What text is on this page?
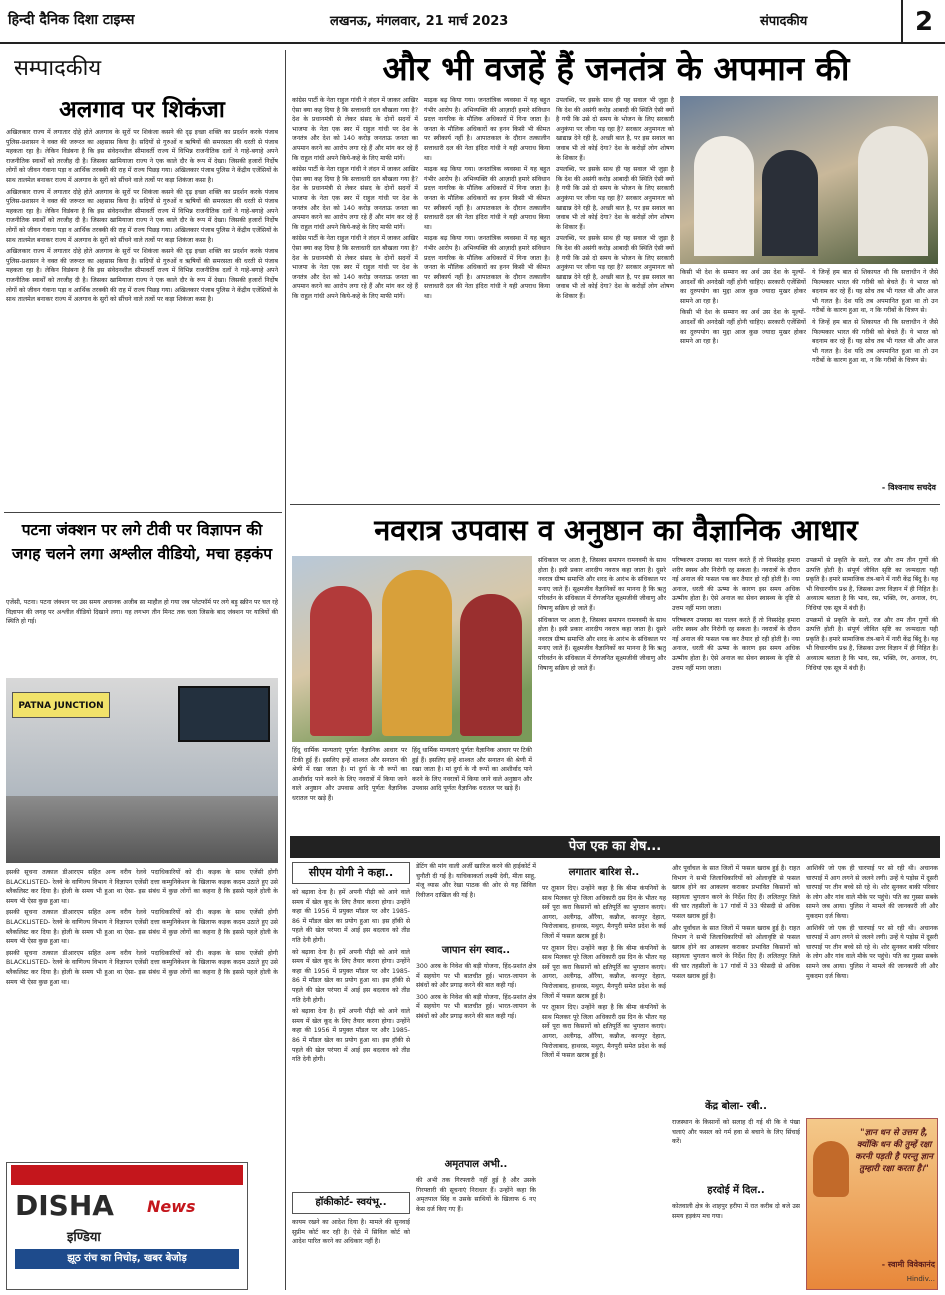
हिन्दी दैनिक दिशा टाइम्स	लखनऊ, मंगलवार, 21 मार्च 2023	संपादकीय	2
सम्पादकीय
अलगाव पर शिकंजा

अखिलकार राज्य में लगातार दोहे होते अलगाव के सुरों पर शिकंजा कसने की दृढ़ इच्छा शक्ति का प्रदर्शन करके पंजाब पुलिस-प्रशासन ने वक्त की जरूरत का अहसास किया है। सदियों से गुरुओं व ऋषियों की समरसता की धरती से पंजाब महकता रहा है। लेकिन विडंबना है कि इस संवेदनशील सीमावर्ती राज्य में विभिन्न राजनीतिक दलों ने गाहे-बगाहे अपने राजनीतिक स्वार्थों को तरजीह दी है। जिसका खामियाजा राज्य ने एक काले दौर के रूप में देखा। जिसकी हजारों निर्दोष लोगों को जीवन गंवाना पड़ा व आर्थिक तरक्की की राह में राज्य पिछड़ गया। अखिलकार पंजाब पुलिस ने केंद्रीय एजेंसियों के साथ तालमेल बनाकर राज्य में अलगाव के सुरों को सींचने वाले तत्वों पर कड़ा शिकंजा कसा है।

अखिलकार राज्य में लगातार दोहे होते अलगाव के सुरों पर शिकंजा कसने की दृढ़ इच्छा शक्ति का प्रदर्शन करके पंजाब पुलिस-प्रशासन ने वक्त की जरूरत का अहसास किया है। सदियों से गुरुओं व ऋषियों की समरसता की धरती से पंजाब महकता रहा है। लेकिन विडंबना है कि इस संवेदनशील सीमावर्ती राज्य में विभिन्न राजनीतिक दलों ने गाहे-बगाहे अपने राजनीतिक स्वार्थों को तरजीह दी है। जिसका खामियाजा राज्य ने एक काले दौर के रूप में देखा। जिसकी हजारों निर्दोष लोगों को जीवन गंवाना पड़ा व आर्थिक तरक्की की राह में राज्य पिछड़ गया। अखिलकार पंजाब पुलिस ने केंद्रीय एजेंसियों के साथ तालमेल बनाकर राज्य में अलगाव के सुरों को सींचने वाले तत्वों पर कड़ा शिकंजा कसा है।

अखिलकार राज्य में लगातार दोहे होते अलगाव के सुरों पर शिकंजा कसने की दृढ़ इच्छा शक्ति का प्रदर्शन करके पंजाब पुलिस-प्रशासन ने वक्त की जरूरत का अहसास किया है। सदियों से गुरुओं व ऋषियों की समरसता की धरती से पंजाब महकता रहा है। लेकिन विडंबना है कि इस संवेदनशील सीमावर्ती राज्य में विभिन्न राजनीतिक दलों ने गाहे-बगाहे अपने राजनीतिक स्वार्थों को तरजीह दी है। जिसका खामियाजा राज्य ने एक काले दौर के रूप में देखा। जिसकी हजारों निर्दोष लोगों को जीवन गंवाना पड़ा व आर्थिक तरक्की की राह में राज्य पिछड़ गया। अखिलकार पंजाब पुलिस ने केंद्रीय एजेंसियों के साथ तालमेल बनाकर राज्य में अलगाव के सुरों को सींचने वाले तत्वों पर कड़ा शिकंजा कसा है।

पटना जंक्शन पर लगे टीवी पर विज्ञापन की जगह चलने लगा अश्लील वीडियो, मचा हड़कंप
एजेंसी, पटना। पटना जंक्शन पर उस समय अचानक अजीब सा माहौल हो गया जब प्लेटफॉर्म पर लगे बड़ू स्क्रीन पर चल रहे विज्ञापन की जगह पर अश्लील वीडियो दिखाने लगा। यह लगभग तीन मिनट तक चला जिसके बाद जंक्शन पर यात्रियों की स्थिति हो गई।
PATNA JUNCTION

इसकी सूचना तत्काल डीआरएम सहित अन्य वरीय रेलवे पदाधिकारियों को दी। कड़क के साथ एजेंसी होगी BLACKLISTED- रेलवे के वाणिज्य विभाग ने विज्ञापन एजेंसी दत्ता कम्युनिकेशन के खिलाफ कड़क कदम उठाते हुए उसे ब्लैकलिस्ट कर दिया है। होली के समय भी हुआ था ऐसा- इस संबंध में कुछ लोगों का कहना है कि इससे पहले होली के समय भी ऐसा कुछ हुआ था।

इसकी सूचना तत्काल डीआरएम सहित अन्य वरीय रेलवे पदाधिकारियों को दी। कड़क के साथ एजेंसी होगी BLACKLISTED- रेलवे के वाणिज्य विभाग ने विज्ञापन एजेंसी दत्ता कम्युनिकेशन के खिलाफ कड़क कदम उठाते हुए उसे ब्लैकलिस्ट कर दिया है। होली के समय भी हुआ था ऐसा- इस संबंध में कुछ लोगों का कहना है कि इससे पहले होली के समय भी ऐसा कुछ हुआ था।

इसकी सूचना तत्काल डीआरएम सहित अन्य वरीय रेलवे पदाधिकारियों को दी। कड़क के साथ एजेंसी होगी BLACKLISTED- रेलवे के वाणिज्य विभाग ने विज्ञापन एजेंसी दत्ता कम्युनिकेशन के खिलाफ कड़क कदम उठाते हुए उसे ब्लैकलिस्ट कर दिया है। होली के समय भी हुआ था ऐसा- इस संबंध में कुछ लोगों का कहना है कि इससे पहले होली के समय भी ऐसा कुछ हुआ था।

DISHA News
इण्डिया
झूठ रांच का निचोड़, खबर बेजोड़
और भी वजहें हैं जनतंत्र के अपमान की

कांग्रेस पार्टी के नेता राहुल गांधी ने लंदन में जाकर आखिर ऐसा क्या कह दिया है कि सत्ताधारी दल बौखला गया है? देश के प्रधानमंत्री से लेकर संसद के दोनों सदनों में भाजपा के नेता एक स्वर में राहुल गांधी पर देश के जनतंत्र और देश को 140 करोड़ जनताऊ जनता का अपमान करने का आरोप लगा रहे हैं और मांग कर रहे हैं कि राहुल गांधी अपने किये-कहे के लिए माफी मांगें।

कांग्रेस पार्टी के नेता राहुल गांधी ने लंदन में जाकर आखिर ऐसा क्या कह दिया है कि सत्ताधारी दल बौखला गया है? देश के प्रधानमंत्री से लेकर संसद के दोनों सदनों में भाजपा के नेता एक स्वर में राहुल गांधी पर देश के जनतंत्र और देश को 140 करोड़ जनताऊ जनता का अपमान करने का आरोप लगा रहे हैं और मांग कर रहे हैं कि राहुल गांधी अपने किये-कहे के लिए माफी मांगें।

कांग्रेस पार्टी के नेता राहुल गांधी ने लंदन में जाकर आखिर ऐसा क्या कह दिया है कि सत्ताधारी दल बौखला गया है? देश के प्रधानमंत्री से लेकर संसद के दोनों सदनों में भाजपा के नेता एक स्वर में राहुल गांधी पर देश के जनतंत्र और देश को 140 करोड़ जनताऊ जनता का अपमान करने का आरोप लगा रहे हैं और मांग कर रहे हैं कि राहुल गांधी अपने किये-कहे के लिए माफी मांगें।

माढ़क बढ़ किया गया। जनतांत्रिक व्यवस्था में यह बहुत गंभीर आरोप है। अभिव्यक्ति की आज़ादी हमारे संविधान प्रदत्त नागरिक के मौलिक अधिकारों में गिना जाता है। जनता के मौलिक अधिकारों का हनन किसी भी कीमत पर स्वीकार्य नहीं है। आपातकाल के दौरान तत्कालीन सत्ताधारी दल की नेता इंदिरा गांधी ने यही अपराध किया था।

माढ़क बढ़ किया गया। जनतांत्रिक व्यवस्था में यह बहुत गंभीर आरोप है। अभिव्यक्ति की आज़ादी हमारे संविधान प्रदत्त नागरिक के मौलिक अधिकारों में गिना जाता है। जनता के मौलिक अधिकारों का हनन किसी भी कीमत पर स्वीकार्य नहीं है। आपातकाल के दौरान तत्कालीन सत्ताधारी दल की नेता इंदिरा गांधी ने यही अपराध किया था।

माढ़क बढ़ किया गया। जनतांत्रिक व्यवस्था में यह बहुत गंभीर आरोप है। अभिव्यक्ति की आज़ादी हमारे संविधान प्रदत्त नागरिक के मौलिक अधिकारों में गिना जाता है। जनता के मौलिक अधिकारों का हनन किसी भी कीमत पर स्वीकार्य नहीं है। आपातकाल के दौरान तत्कालीन सत्ताधारी दल की नेता इंदिरा गांधी ने यही अपराध किया था।

उपलब्धि, पर इसके साथ ही यह सवाल भी जुड़ा है कि देश की असंगी करोड़ आबादी की स्थिति ऐसी क्यों है गयी कि उसे दो समय के भोजन के लिए सरकारी अनुकंपा पर जीना पड़ रहा है? सरकार अनुमानतः को खाद्यान्न देने रही है, अच्छी बात है, पर इस सवाल का जवाब भी तो कोई देगा? देश के करोड़ों लोग शोषण के शिकार हैं।

उपलब्धि, पर इसके साथ ही यह सवाल भी जुड़ा है कि देश की असंगी करोड़ आबादी की स्थिति ऐसी क्यों है गयी कि उसे दो समय के भोजन के लिए सरकारी अनुकंपा पर जीना पड़ रहा है? सरकार अनुमानतः को खाद्यान्न देने रही है, अच्छी बात है, पर इस सवाल का जवाब भी तो कोई देगा? देश के करोड़ों लोग शोषण के शिकार हैं।

उपलब्धि, पर इसके साथ ही यह सवाल भी जुड़ा है कि देश की असंगी करोड़ आबादी की स्थिति ऐसी क्यों है गयी कि उसे दो समय के भोजन के लिए सरकारी अनुकंपा पर जीना पड़ रहा है? सरकार अनुमानतः को खाद्यान्न देने रही है, अच्छी बात है, पर इस सवाल का जवाब भी तो कोई देगा? देश के करोड़ों लोग शोषण के शिकार हैं।

किसी भी देश के सम्मान का अर्थ उस देश के मूल्यों-आदर्शों की अनदेखी नहीं होनी चाहिए। सरकारी एजेंसियों का दुरुपयोग का मुद्दा आज कुछ ज्यादा मुखर होकर सामने आ रहा है।

किसी भी देश के सम्मान का अर्थ उस देश के मूल्यों-आदर्शों की अनदेखी नहीं होनी चाहिए। सरकारी एजेंसियों का दुरुपयोग का मुद्दा आज कुछ ज्यादा मुखर होकर सामने आ रहा है।

ये जिन्हें हम बात से शिकायत थी कि सत्ताधीन ने जैसे फिल्मकार भारत की गरीबी को बेचते हैं। ये भारत को बदनाम कर रहे हैं। यह सोच तब भी गलत थी और आज भी गलत है। देश यदि तब अपमानित हुआ था तो उन गरीबों के कारण हुआ था, न कि गरीबों के चित्रण से।

ये जिन्हें हम बात से शिकायत थी कि सत्ताधीन ने जैसे फिल्मकार भारत की गरीबी को बेचते हैं। ये भारत को बदनाम कर रहे हैं। यह सोच तब भी गलत थी और आज भी गलत है। देश यदि तब अपमानित हुआ था तो उन गरीबों के कारण हुआ था, न कि गरीबों के चित्रण से।

- विश्वनाथ सचदेव
नवरात्र उपवास व अनुष्ठान का वैज्ञानिक आधार
हिंदू धार्मिक मान्यताएं पूर्णतः वैज्ञानिक आधार पर टिकी हुई हैं। इसलिए इन्हें शाश्वत और सनातन की श्रेणी में रखा जाता है। मां दुर्गा के नौ रूपों का आशीर्वाद पाने करने के लिए नवरात्रों में किया जाने वाले अनुष्ठान और उपवास आदि पूर्णतः वैज्ञानिक धरातल पर खड़े हैं।
हिंदू धार्मिक मान्यताएं पूर्णतः वैज्ञानिक आधार पर टिकी हुई हैं। इसलिए इन्हें शाश्वत और सनातन की श्रेणी में रखा जाता है। मां दुर्गा के नौ रूपों का आशीर्वाद पाने करने के लिए नवरात्रों में किया जाने वाले अनुष्ठान और उपवास आदि पूर्णतः वैज्ञानिक धरातल पर खड़े हैं।

संधिकाल पर आता है, जिसका समापन रामनवमी के साथ होता है। इसी प्रकार शारदीय नवरात्र कहा जाता है। दूसरे नवरात्र ग्रीष्म समाप्ति और शरद के आरंभ के संधिकाल पर मनाए जाते हैं। सूक्ष्मजीव वैज्ञानिकों का मानना है कि ऋतु परिवर्तन के संधिकाल में रोगजनित सूक्ष्मजीवी जीवाणु और विषाणु सक्रिय हो जाते हैं।

संधिकाल पर आता है, जिसका समापन रामनवमी के साथ होता है। इसी प्रकार शारदीय नवरात्र कहा जाता है। दूसरे नवरात्र ग्रीष्म समाप्ति और शरद के आरंभ के संधिकाल पर मनाए जाते हैं। सूक्ष्मजीव वैज्ञानिकों का मानना है कि ऋतु परिवर्तन के संधिकाल में रोगजनित सूक्ष्मजीवी जीवाणु और विषाणु सक्रिय हो जाते हैं।

परिष्करण उपवास का पालन करते हैं तो निस्संदेह हमारा शरीर स्वस्थ और निरोगी रह सकता है। नवरात्रों के दौरान नई अनाज की फसल पक कर तैयार हो रही होती है। नया अनाज, धरती की ऊष्मा के कारण इस समय अधिक ऊष्मीय होता है। ऐसे अनाज का सेवन स्वास्थ्य के दृष्टि से उत्तम नहीं माना जाता।

परिष्करण उपवास का पालन करते हैं तो निस्संदेह हमारा शरीर स्वस्थ और निरोगी रह सकता है। नवरात्रों के दौरान नई अनाज की फसल पक कर तैयार हो रही होती है। नया अनाज, धरती की ऊष्मा के कारण इस समय अधिक ऊष्मीय होता है। ऐसे अनाज का सेवन स्वास्थ्य के दृष्टि से उत्तम नहीं माना जाता।

उपक्रमों से प्रकृति के सतो, रज और तम तीन गुणों की उत्पत्ति होती है। संपूर्ण जीवित सृष्टि का जन्मदाता यही प्रकृति है। हमारे सामाजिक तंत्र-बाने में नारी केंद्र बिंदु है। यह भी विचारणीय प्रश्न है, जिसका उत्तर विज्ञान में ही निहित है। अध्यात्म बताता है कि भाव, रस, भक्ति, रंग, अनाज, रंग, निधियां एक सूत्र में बंधी हैं।

उपक्रमों से प्रकृति के सतो, रज और तम तीन गुणों की उत्पत्ति होती है। संपूर्ण जीवित सृष्टि का जन्मदाता यही प्रकृति है। हमारे सामाजिक तंत्र-बाने में नारी केंद्र बिंदु है। यह भी विचारणीय प्रश्न है, जिसका उत्तर विज्ञान में ही निहित है। अध्यात्म बताता है कि भाव, रस, भक्ति, रंग, अनाज, रंग, निधियां एक सूत्र में बंधी हैं।

पेज एक का शेष...
सीएम योगी ने कहा..

को बढ़ावा देना है। हमें अपनी पीढ़ी को आने वाले समय में खेल कूद के लिए तैयार करना होगा। उन्होंने कहा की 1956 में प्रयुक्त मॉडल पर और 1985-86 में मॉडल खेल का प्रयोग हुआ था। इस हॉकी से पहले की खेल परंपरा में आई इस बदलाव को तीव्र गति देनी होगी।

को बढ़ावा देना है। हमें अपनी पीढ़ी को आने वाले समय में खेल कूद के लिए तैयार करना होगा। उन्होंने कहा की 1956 में प्रयुक्त मॉडल पर और 1985-86 में मॉडल खेल का प्रयोग हुआ था। इस हॉकी से पहले की खेल परंपरा में आई इस बदलाव को तीव्र गति देनी होगी।

को बढ़ावा देना है। हमें अपनी पीढ़ी को आने वाले समय में खेल कूद के लिए तैयार करना होगा। उन्होंने कहा की 1956 में प्रयुक्त मॉडल पर और 1985-86 में मॉडल खेल का प्रयोग हुआ था। इस हॉकी से पहले की खेल परंपरा में आई इस बदलाव को तीव्र गति देनी होगी।

हॉकीकोर्ट- स्वयंभू..
कायम रखने का आदेश दिया है। मामले की सुनवाई सुप्रीम कोर्ट कर रही है। ऐसे में सिविल कोर्ट को आदेश पारित करने का अधिकार नहीं है।
डेटिंग की मांग वाली अर्जी खारिज करने की हाईकोर्ट में चुनौती दी गई है। याचिकाकर्ता लक्ष्मी देवी, मीता साहू, मंजू व्यास और रेखा पाठक की ओर से यह सिविल रिवीजन दाखिल की गई है।
जापान संग स्वाद..

300 अरब के निवेश की बड़ी योजना, हिंद-प्रशांत क्षेत्र में सहयोग पर भी बातचीत हुई। भारत-जापान के संबंधों को और प्रगाढ़ करने की बात कही गई।

300 अरब के निवेश की बड़ी योजना, हिंद-प्रशांत क्षेत्र में सहयोग पर भी बातचीत हुई। भारत-जापान के संबंधों को और प्रगाढ़ करने की बात कही गई।

अमृतपाल अभी..
की अभी तक गिरफ्तारी नहीं हुई है और उसके गिरफ्तारी की सूचनाएं निराधार हैं। उन्होंने कहा कि अमृतपाल सिंह व उसके साथियों के खिलाफ 6 नए केस दर्ज किए गए हैं।
लगातार बारिश से..

पर तूफ़ान दिए। उन्होंने कहा है कि बीमा कंपनियों के साथ मिलकर पूरे जिला अधिकारी दस दिन के भीतर यह सर्वे पूरा करा किसानों को क्षतिपूर्ति का भुगतान कराएं। आगरा, अलीगढ़, औरैया, कन्नौज, कानपुर देहात, फिरोजाबाद, हाथरस, मथुरा, मैनपुरी समेत प्रदेश के कई जिलों में फसल खराब हुई है।

पर तूफ़ान दिए। उन्होंने कहा है कि बीमा कंपनियों के साथ मिलकर पूरे जिला अधिकारी दस दिन के भीतर यह सर्वे पूरा करा किसानों को क्षतिपूर्ति का भुगतान कराएं। आगरा, अलीगढ़, औरैया, कन्नौज, कानपुर देहात, फिरोजाबाद, हाथरस, मथुरा, मैनपुरी समेत प्रदेश के कई जिलों में फसल खराब हुई है।

पर तूफ़ान दिए। उन्होंने कहा है कि बीमा कंपनियों के साथ मिलकर पूरे जिला अधिकारी दस दिन के भीतर यह सर्वे पूरा करा किसानों को क्षतिपूर्ति का भुगतान कराएं। आगरा, अलीगढ़, औरैया, कन्नौज, कानपुर देहात, फिरोजाबाद, हाथरस, मथुरा, मैनपुरी समेत प्रदेश के कई जिलों में फसल खराब हुई है।

और पूर्वांचल के सात जिलों में फसल खराब हुई है। राहत विभाग ने सभी जिलाधिकारियों को ओलावृष्टि से फसल खराब होने का आकलन कराकर प्रभावित किसानों को सहायता भुगतान करने के निर्देश दिए हैं। ललितपुर जिले की चार तहसीलों के 17 गांवों में 33 फीसदी से अधिक फसल खराब हुई है।

और पूर्वांचल के सात जिलों में फसल खराब हुई है। राहत विभाग ने सभी जिलाधिकारियों को ओलावृष्टि से फसल खराब होने का आकलन कराकर प्रभावित किसानों को सहायता भुगतान करने के निर्देश दिए हैं। ललितपुर जिले की चार तहसीलों के 17 गांवों में 33 फीसदी से अधिक फसल खराब हुई है।

केंद्र बोला- रबी..
राजस्थान के किसानों को सलाह दी गई थी कि वे पंखा चलाएं और फसल को गर्म हवा से बचाने के लिए सिंचाई करें।
हरदोई में दिल..
कोतवाली क्षेत्र के शाहपुर हरीपा में रात करीब दो बजे उस समय हड़कंप मच गया।

आशिकी जो एक ही चारपाई पर सो रही थी। अचानक चारपाई में आग लगने से जलने लगी। उन्हें ये पड़ोस में दूसरी चारपाई पर तीन बच्चे सो रहे थे। शोर सुनकर बाकी परिवार के लोग और गांव वाले मौके पर पहुंचे। पति का गुस्सा सबके सामने जब आया। पुलिस ने मामले की जानकारी ली और मुकदमा दर्ज किया।

आशिकी जो एक ही चारपाई पर सो रही थी। अचानक चारपाई में आग लगने से जलने लगी। उन्हें ये पड़ोस में दूसरी चारपाई पर तीन बच्चे सो रहे थे। शोर सुनकर बाकी परिवार के लोग और गांव वाले मौके पर पहुंचे। पति का गुस्सा सबके सामने जब आया। पुलिस ने मामले की जानकारी ली और मुकदमा दर्ज किया।

"ज्ञान धन से उत्तम है, क्योंकि धन की तुम्हें रक्षा करनी पड़ती है परन्तु ज्ञान तुम्हारी रक्षा करता है।"
- स्वामी विवेकानंद
Hindiv...
